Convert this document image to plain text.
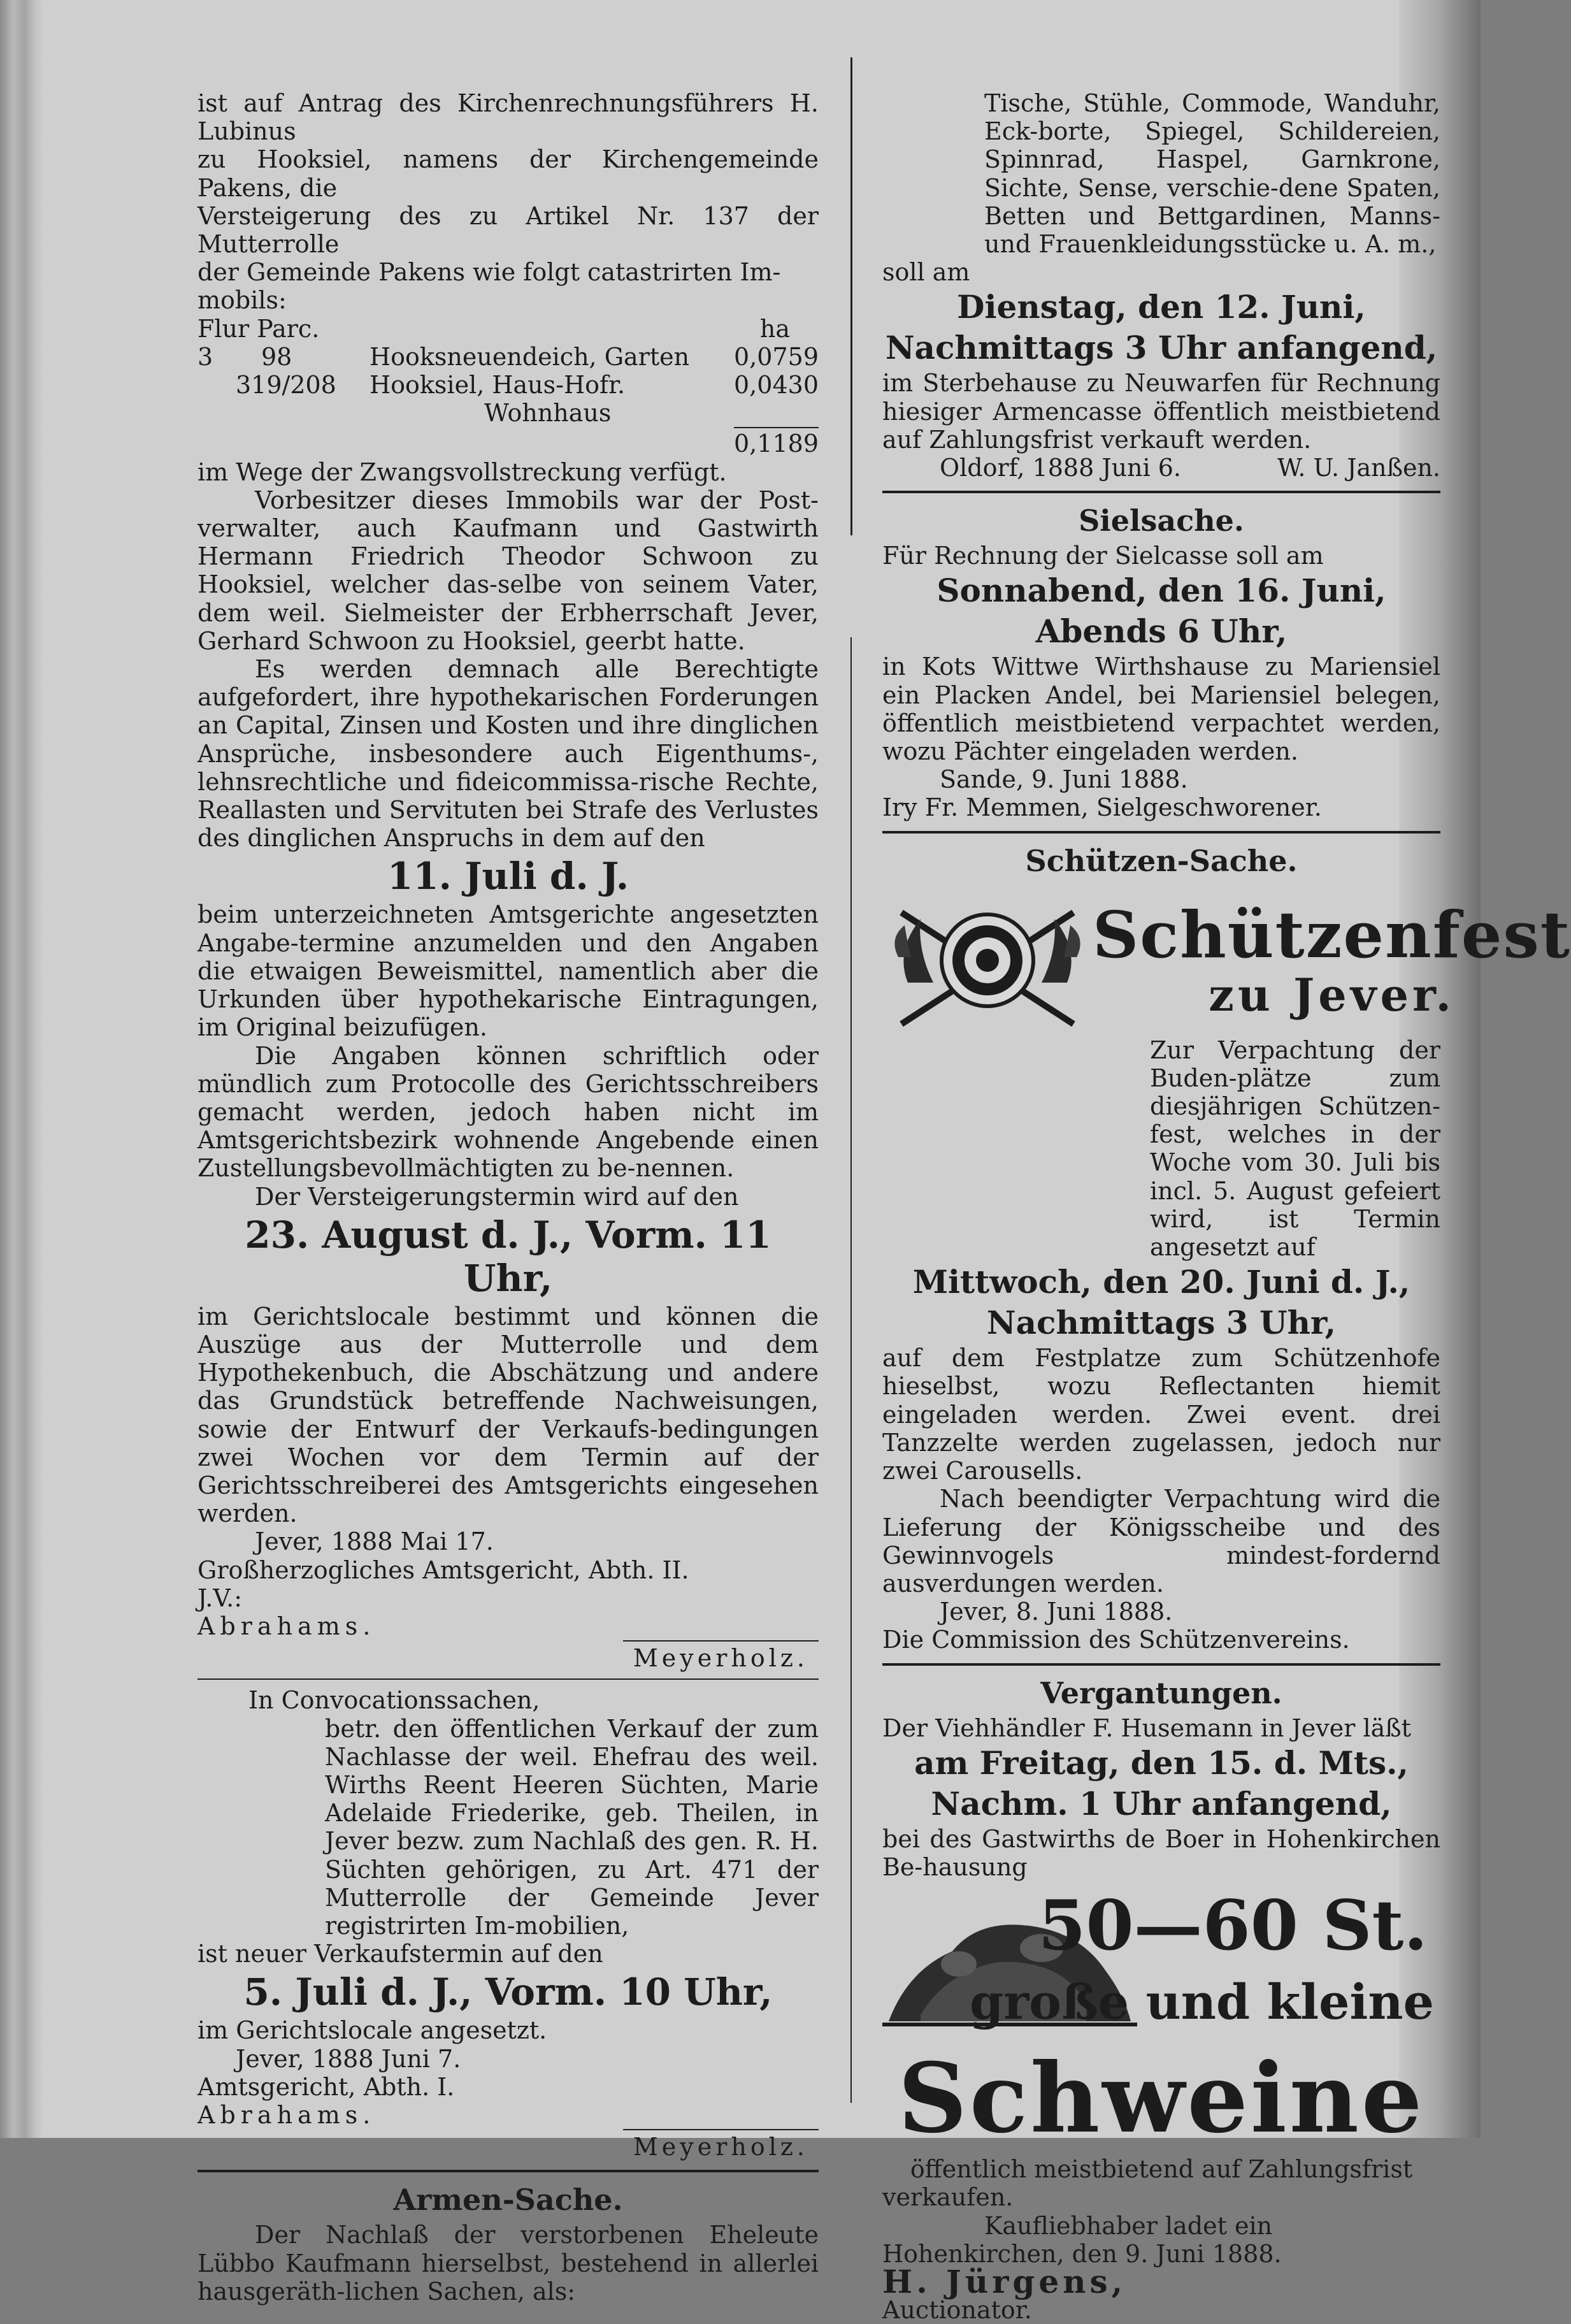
ist auf Antrag des Kirchenrechnungsführers H. Lubinus

zu Hooksiel, namens der Kirchengemeinde Pakens, die

Versteigerung des zu Artikel Nr. 137 der Mutterrolle

der Gemeinde Pakens wie folgt catastrirten Im-

mobils:

Flur Parc.	ha
3	98	Hooksneuendeich, Garten	0,0759
319/208	Hooksiel, Haus-Hofr.	0,0430
Wohnhaus
0,1189

im Wege der Zwangsvollstreckung verfügt.

Vorbesitzer dieses Immobils war der Post-verwalter, auch Kaufmann und Gastwirth Hermann Friedrich Theodor Schwoon zu Hooksiel, welcher das-selbe von seinem Vater, dem weil. Sielmeister der Erbherrschaft Jever, Gerhard Schwoon zu Hooksiel, geerbt hatte.

Es werden demnach alle Berechtigte aufgefordert, ihre hypothekarischen Forderungen an Capital, Zinsen und Kosten und ihre dinglichen Ansprüche, insbesondere auch Eigenthums-, lehnsrechtliche und fideicommissa-rische Rechte, Reallasten und Servituten bei Strafe des Verlustes des dinglichen Anspruchs in dem auf den

11. Juli d. J.

beim unterzeichneten Amtsgerichte angesetzten Angabe-termine anzumelden und den Angaben die etwaigen Beweismittel, namentlich aber die Urkunden über hypothekarische Eintragungen, im Original beizufügen.

Die Angaben können schriftlich oder mündlich zum Protocolle des Gerichtsschreibers gemacht werden, jedoch haben nicht im Amtsgerichtsbezirk wohnende Angebende einen Zustellungsbevollmächtigten zu be-nennen.

Der Versteigerungstermin wird auf den

23. August d. J., Vorm. 11 Uhr,

im Gerichtslocale bestimmt und können die Auszüge aus der Mutterrolle und dem Hypothekenbuch, die Abschätzung und andere das Grundstück betreffende Nachweisungen, sowie der Entwurf der Verkaufs-bedingungen zwei Wochen vor dem Termin auf der Gerichtsschreiberei des Amtsgerichts eingesehen werden.

Jever, 1888 Mai 17.

Großherzogliches Amtsgericht, Abth. II.

J.V.:

Abrahams.

Meyerholz.

In Convocationssachen,

betr. den öffentlichen Verkauf der zum Nachlasse der weil. Ehefrau des weil. Wirths Reent Heeren Süchten, Marie Adelaide Friederike, geb. Theilen, in Jever bezw. zum Nachlaß des gen. R. H. Süchten gehörigen, zu Art. 471 der Mutterrolle der Gemeinde Jever registrirten Im-mobilien,

ist neuer Verkaufstermin auf den

5. Juli d. J., Vorm. 10 Uhr,

im Gerichtslocale angesetzt.

Jever, 1888 Juni 7.

Amtsgericht, Abth. I.

Abrahams.

Meyerholz.

Armen-Sache.

Der Nachlaß der verstorbenen Eheleute Lübbo Kaufmann hierselbst, bestehend in allerlei hausgeräth-lichen Sachen, als:

Tische, Stühle, Commode, Wanduhr, Eck-borte, Spiegel, Schildereien, Spinnrad, Haspel, Garnkrone, Sichte, Sense, verschie-dene Spaten, Betten und Bettgardinen, Manns- und Frauenkleidungsstücke u. A. m.,

soll am

Dienstag, den 12. Juni,

Nachmittags 3 Uhr anfangend,

im Sterbehause zu Neuwarfen für Rechnung hiesiger Armencasse öffentlich meistbietend auf Zahlungsfrist verkauft werden.

Oldorf, 1888 Juni 6.	W. U. Janßen.

Sielsache.

Für Rechnung der Sielcasse soll am

Sonnabend, den 16. Juni,

Abends 6 Uhr,

in Kots Wittwe Wirthshause zu Mariensiel ein Placken Andel, bei Mariensiel belegen, öffentlich meistbietend verpachtet werden, wozu Pächter eingeladen werden.

Sande, 9. Juni 1888.

Iry Fr. Memmen, Sielgeschworener.

Schützen-Sache.

Schützenfest
zu Jever.

Zur Verpachtung der Buden-plätze zum diesjährigen Schützen-fest, welches in der Woche vom 30. Juli bis incl. 5. August gefeiert wird, ist Termin angesetzt auf

Mittwoch, den 20. Juni d. J.,

Nachmittags 3 Uhr,

auf dem Festplatze zum Schützenhofe hieselbst, wozu Reflectanten hiemit eingeladen werden. Zwei event. drei Tanzzelte werden zugelassen, jedoch nur zwei Carousells.

Nach beendigter Verpachtung wird die Lieferung der Königsscheibe und des Gewinnvogels mindest-fordernd ausverdungen werden.

Jever, 8. Juni 1888.

Die Commission des Schützenvereins.

Vergantungen.

Der Viehhändler F. Husemann in Jever läßt

am Freitag, den 15. d. Mts.,

Nachm. 1 Uhr anfangend,

bei des Gastwirths de Boer in Hohenkirchen Be-hausung

50—60 St.
große und kleine

Schweine

öffentlich meistbietend auf Zahlungsfrist verkaufen.

Kaufliebhaber ladet ein

Hohenkirchen, den 9. Juni 1888.

H. Jürgens,

Auctionator.
